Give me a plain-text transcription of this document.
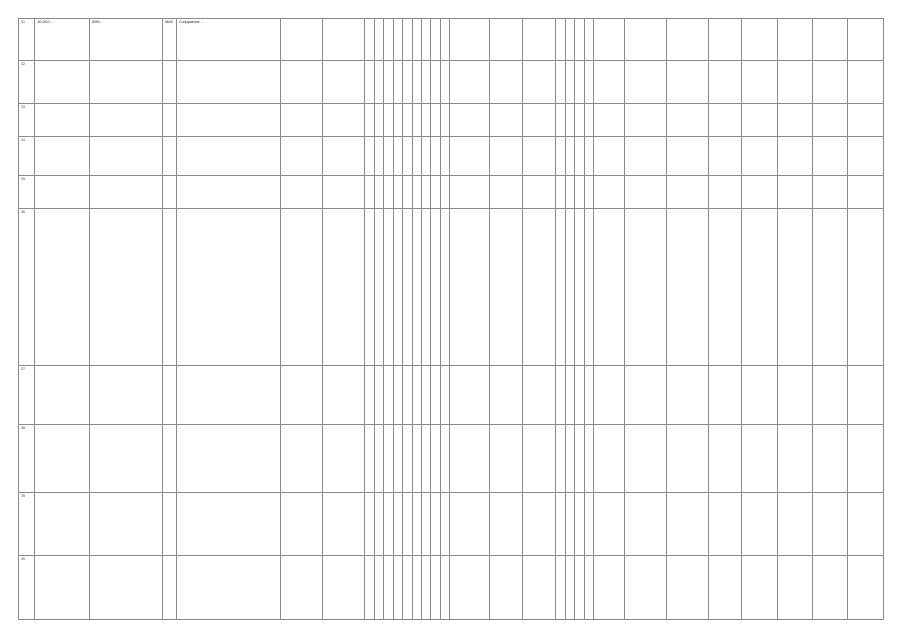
31	40:26:0...	0990...	4643	Сооружение ...																										
32																														
33																														
34																														
35																														
36																														
37																														
38																														
39																														
40																														
